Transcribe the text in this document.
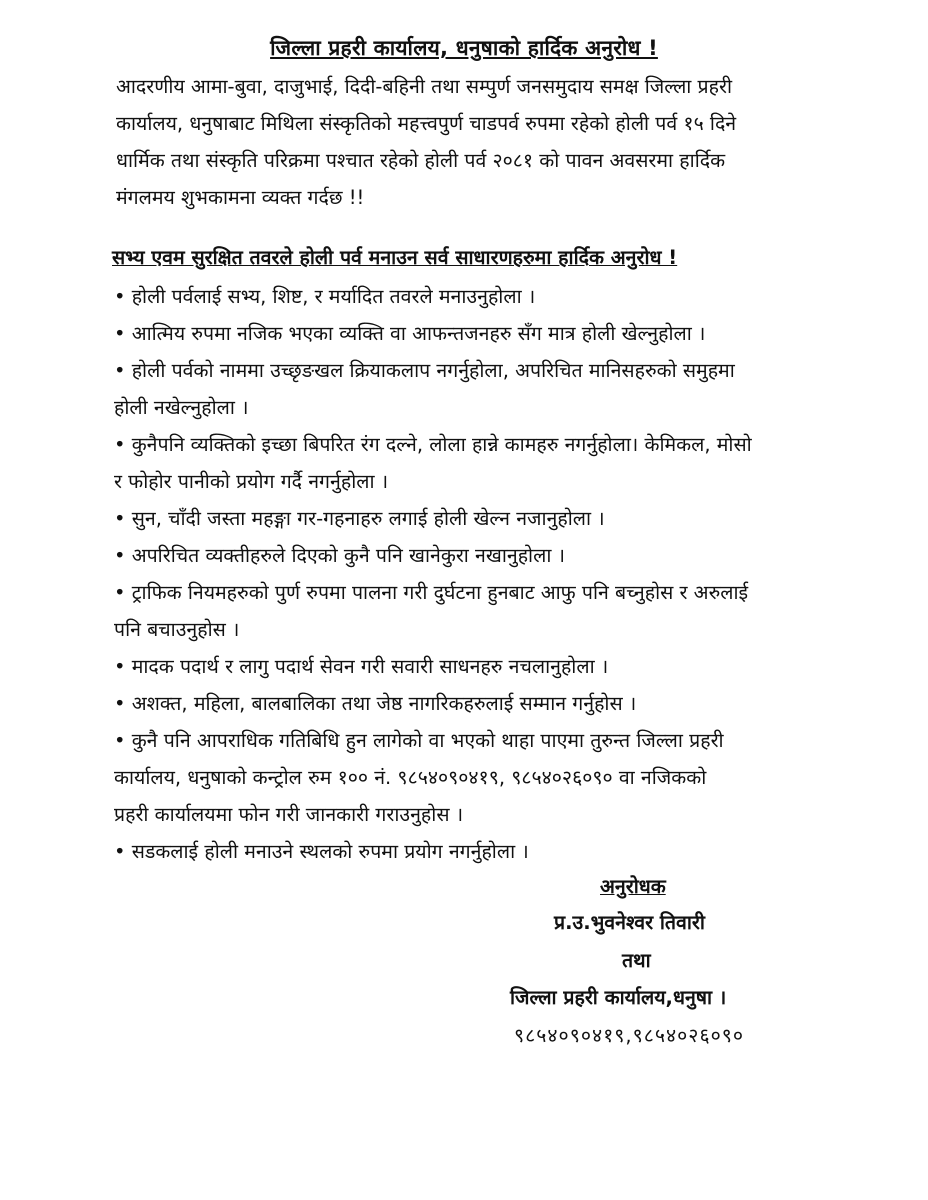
जिल्ला प्रहरी कार्यालय, धनुषाको हार्दिक अनुरोध !
आदरणीय आमा-बुवा, दाजुभाई, दिदी-बहिनी तथा सम्पुर्ण जनसमुदाय समक्ष जिल्ला प्रहरी
कार्यालय, धनुषाबाट मिथिला संस्कृतिको महत्त्वपुर्ण चाडपर्व रुपमा रहेको होली पर्व १५ दिने
धार्मिक तथा संस्कृति परिक्रमा पश्चात रहेको होली पर्व २०८१ को पावन अवसरमा हार्दिक
मंगलमय शुभकामना व्यक्त गर्दछ !!
सभ्य एवम सुरक्षित तवरले होली पर्व मनाउन सर्व साधारणहरुमा हार्दिक अनुरोध !
• होली पर्वलाई सभ्य, शिष्ट, र मर्यादित तवरले मनाउनुहोला ।
• आत्मिय रुपमा नजिक भएका व्यक्ति वा आफन्तजनहरु सँग मात्र होली खेल्नुहोला ।
• होली पर्वको नाममा उच्छृङखल क्रियाकलाप नगर्नुहोला, अपरिचित मानिसहरुको समुहमा
होली नखेल्नुहोला ।
• कुनैपनि व्यक्तिको इच्छा बिपरित रंग दल्ने, लोला हान्ने कामहरु नगर्नुहोला। केमिकल, मोसो
र फोहोर पानीको प्रयोग गर्दै नगर्नुहोला ।
• सुन, चाँदी जस्ता महङ्गा गर-गहनाहरु लगाई होली खेल्न नजानुहोला ।
• अपरिचित व्यक्तीहरुले दिएको कुनै पनि खानेकुरा नखानुहोला ।
• ट्राफिक नियमहरुको पुर्ण रुपमा पालना गरी दुर्घटना हुनबाट आफु पनि बच्नुहोस र अरुलाई
पनि बचाउनुहोस ।
• मादक पदार्थ र लागु पदार्थ सेवन गरी सवारी साधनहरु नचलानुहोला ।
• अशक्त, महिला, बालबालिका तथा जेष्ठ नागरिकहरुलाई सम्मान गर्नुहोस ।
• कुनै पनि आपराधिक गतिबिधि हुन लागेको वा भएको थाहा पाएमा तुरुन्त जिल्ला प्रहरी
कार्यालय, धनुषाको कन्ट्रोल रुम १०० नं. ९८५४०९०४१९, ९८५४०२६०९० वा नजिकको
प्रहरी कार्यालयमा फोन गरी जानकारी गराउनुहोस ।
• सडकलाई होली मनाउने स्थलको रुपमा प्रयोग नगर्नुहोला ।
अनुरोधक
प्र.उ.भुवनेश्वर तिवारी
तथा
जिल्ला प्रहरी कार्यालय,धनुषा ।
९८५४०९०४१९,९८५४०२६०९०
